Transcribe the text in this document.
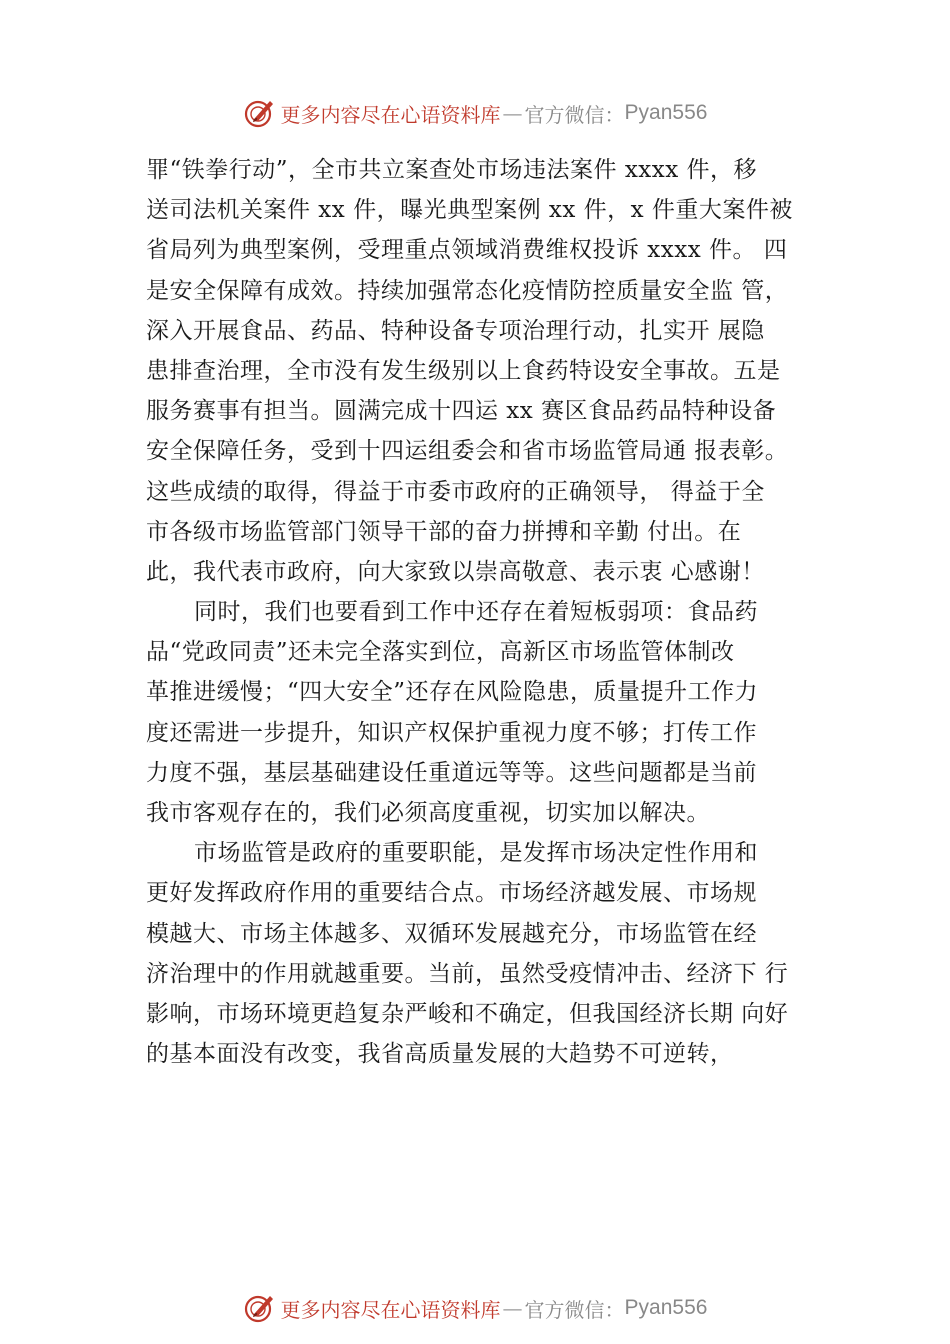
更多内容尽在心语资料库 — 官方微信： Pyan556
罪“铁拳行动”，全市共立案查处市场违法案件 xxxx 件，移
送司法机关案件 xx 件，曝光典型案例 xx 件，x 件重大案件被
省局列为典型案例，受理重点领域消费维权投诉 xxxx 件。 四
是安全保障有成效。持续加强常态化疫情防控质量安全监 管，
深入开展食品、药品、特种设备专项治理行动，扎实开 展隐
患排查治理，全市没有发生级别以上食药特设安全事故。五是
服务赛事有担当。圆满完成十四运 xx 赛区食品药品特种设备
安全保障任务，受到十四运组委会和省市场监管局通 报表彰。
这些成绩的取得，得益于市委市政府的正确领导， 得益于全
市各级市场监管部门领导干部的奋力拼搏和辛勤 付出。在
此，我代表市政府，向大家致以崇高敬意、表示衷 心感谢！
同时，我们也要看到工作中还存在着短板弱项：食品药
品“党政同责”还未完全落实到位，高新区市场监管体制改
革推进缓慢；“四大安全”还存在风险隐患，质量提升工作力
度还需进一步提升，知识产权保护重视力度不够；打传工作
力度不强，基层基础建设任重道远等等。这些问题都是当前
我市客观存在的，我们必须高度重视，切实加以解决。
市场监管是政府的重要职能，是发挥市场决定性作用和
更好发挥政府作用的重要结合点。市场经济越发展、市场规
模越大、市场主体越多、双循环发展越充分，市场监管在经
济治理中的作用就越重要。当前，虽然受疫情冲击、经济下 行
影响，市场环境更趋复杂严峻和不确定，但我国经济长期 向好
的基本面没有改变，我省高质量发展的大趋势不可逆转，
更多内容尽在心语资料库 — 官方微信： Pyan556
